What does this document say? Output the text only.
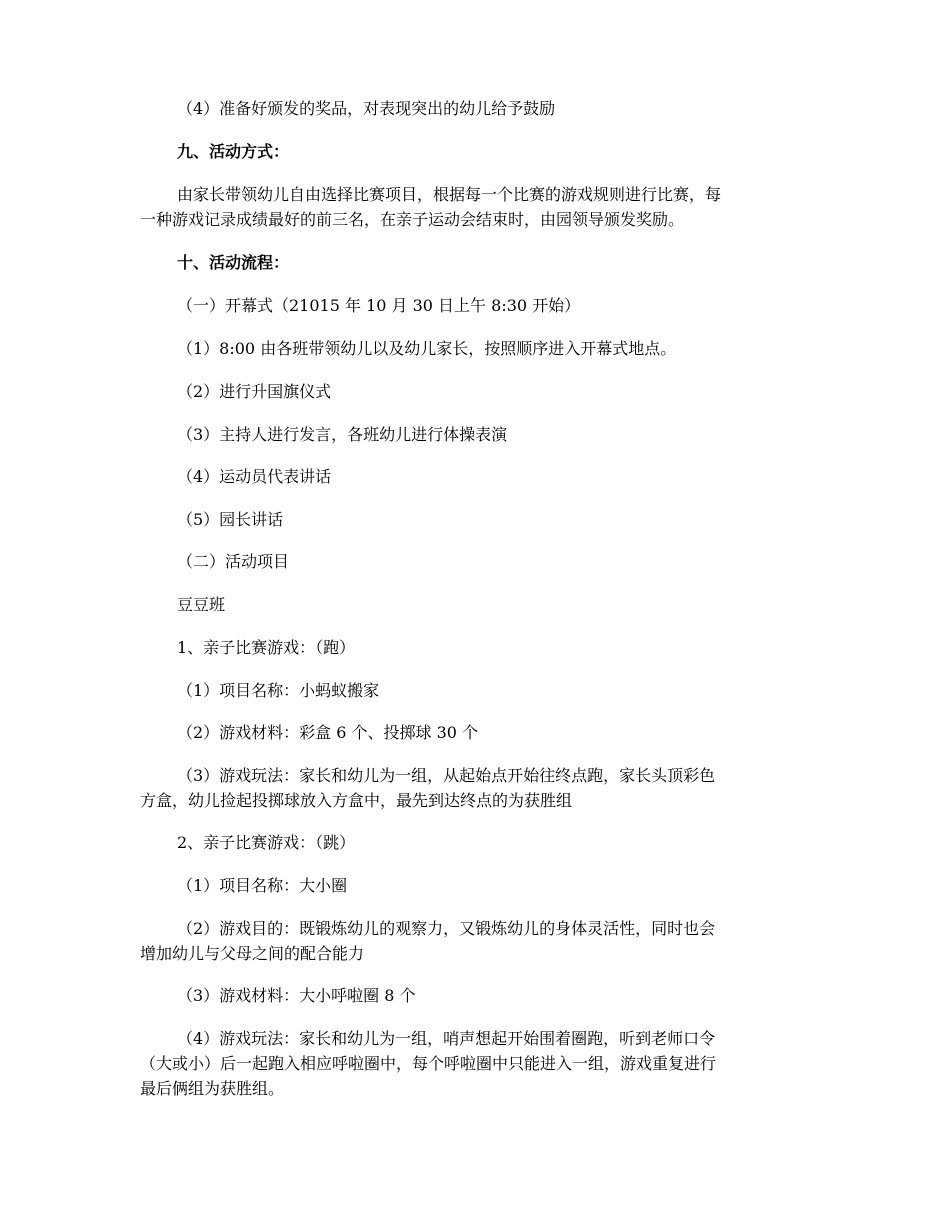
（4）准备好颁发的奖品，对表现突出的幼儿给予鼓励
九、活动方式：
由家长带领幼儿自由选择比赛项目，根据每一个比赛的游戏规则进行比赛，每
一种游戏记录成绩最好的前三名，在亲子运动会结束时，由园领导颁发奖励。
十、活动流程：
（一）开幕式（21015 年 10 月 30 日上午 8:30 开始）
（1）8:00 由各班带领幼儿以及幼儿家长，按照顺序进入开幕式地点。
（2）进行升国旗仪式
（3）主持人进行发言，各班幼儿进行体操表演
（4）运动员代表讲话
（5）园长讲话
（二）活动项目
豆豆班
1、亲子比赛游戏：（跑）
（1）项目名称：小蚂蚁搬家
（2）游戏材料：彩盒 6 个、投掷球 30 个
（3）游戏玩法：家长和幼儿为一组，从起始点开始往终点跑，家长头顶彩色
方盒，幼儿捡起投掷球放入方盒中，最先到达终点的为获胜组
2、亲子比赛游戏：（跳）
（1）项目名称：大小圈
（2）游戏目的：既锻炼幼儿的观察力，又锻炼幼儿的身体灵活性，同时也会
增加幼儿与父母之间的配合能力
（3）游戏材料：大小呼啦圈 8 个
（4）游戏玩法：家长和幼儿为一组，哨声想起开始围着圈跑，听到老师口令
（大或小）后一起跑入相应呼啦圈中，每个呼啦圈中只能进入一组，游戏重复进行
最后俩组为获胜组。
